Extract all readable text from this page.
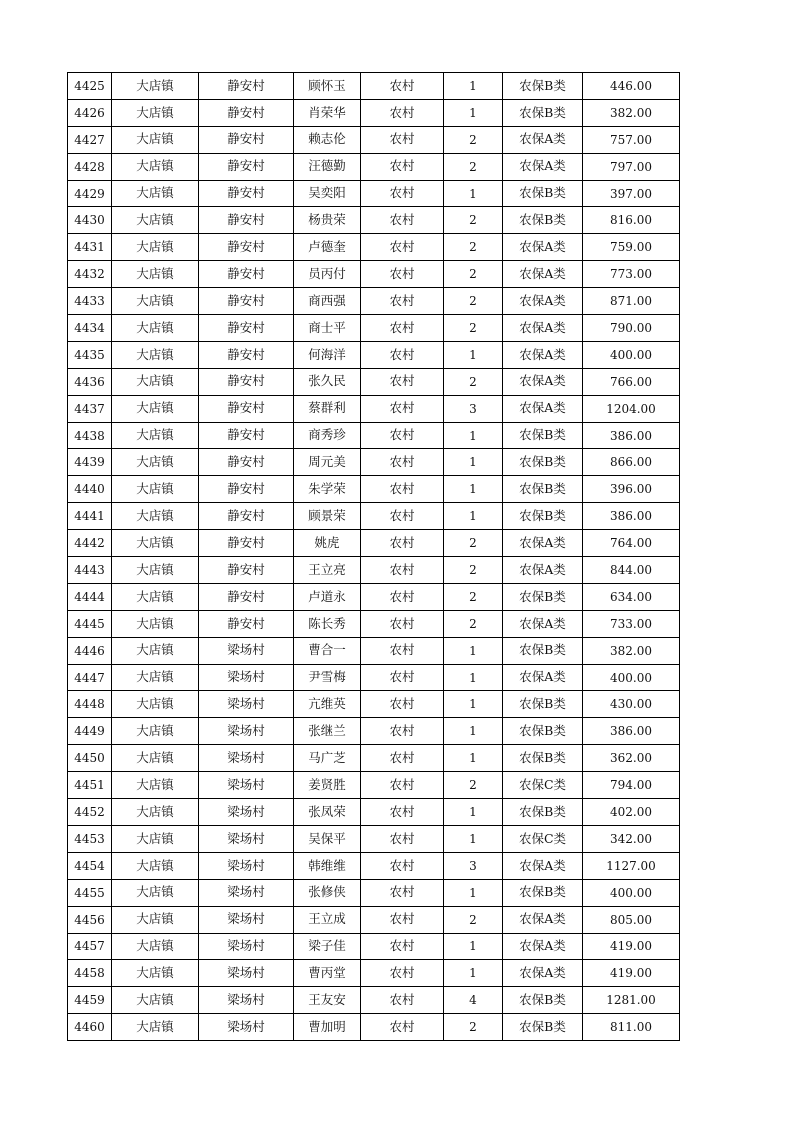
4425	大店镇	静安村	顾怀玉	农村	1	农保B类	446.00
4426	大店镇	静安村	肖荣华	农村	1	农保B类	382.00
4427	大店镇	静安村	赖志伦	农村	2	农保A类	757.00
4428	大店镇	静安村	汪德勤	农村	2	农保A类	797.00
4429	大店镇	静安村	吴奕阳	农村	1	农保B类	397.00
4430	大店镇	静安村	杨贵荣	农村	2	农保B类	816.00
4431	大店镇	静安村	卢德奎	农村	2	农保A类	759.00
4432	大店镇	静安村	员丙付	农村	2	农保A类	773.00
4433	大店镇	静安村	商西强	农村	2	农保A类	871.00
4434	大店镇	静安村	商士平	农村	2	农保A类	790.00
4435	大店镇	静安村	何海洋	农村	1	农保A类	400.00
4436	大店镇	静安村	张久民	农村	2	农保A类	766.00
4437	大店镇	静安村	蔡群利	农村	3	农保A类	1204.00
4438	大店镇	静安村	商秀珍	农村	1	农保B类	386.00
4439	大店镇	静安村	周元美	农村	1	农保B类	866.00
4440	大店镇	静安村	朱学荣	农村	1	农保B类	396.00
4441	大店镇	静安村	顾景荣	农村	1	农保B类	386.00
4442	大店镇	静安村	姚虎	农村	2	农保A类	764.00
4443	大店镇	静安村	王立亮	农村	2	农保A类	844.00
4444	大店镇	静安村	卢道永	农村	2	农保B类	634.00
4445	大店镇	静安村	陈长秀	农村	2	农保A类	733.00
4446	大店镇	梁场村	曹合一	农村	1	农保B类	382.00
4447	大店镇	梁场村	尹雪梅	农村	1	农保A类	400.00
4448	大店镇	梁场村	亢维英	农村	1	农保B类	430.00
4449	大店镇	梁场村	张继兰	农村	1	农保B类	386.00
4450	大店镇	梁场村	马广芝	农村	1	农保B类	362.00
4451	大店镇	梁场村	姜贤胜	农村	2	农保C类	794.00
4452	大店镇	梁场村	张凤荣	农村	1	农保B类	402.00
4453	大店镇	梁场村	吴保平	农村	1	农保C类	342.00
4454	大店镇	梁场村	韩维维	农村	3	农保A类	1127.00
4455	大店镇	梁场村	张修侠	农村	1	农保B类	400.00
4456	大店镇	梁场村	王立成	农村	2	农保A类	805.00
4457	大店镇	梁场村	梁子佳	农村	1	农保A类	419.00
4458	大店镇	梁场村	曹丙堂	农村	1	农保A类	419.00
4459	大店镇	梁场村	王友安	农村	4	农保B类	1281.00
4460	大店镇	梁场村	曹加明	农村	2	农保B类	811.00
